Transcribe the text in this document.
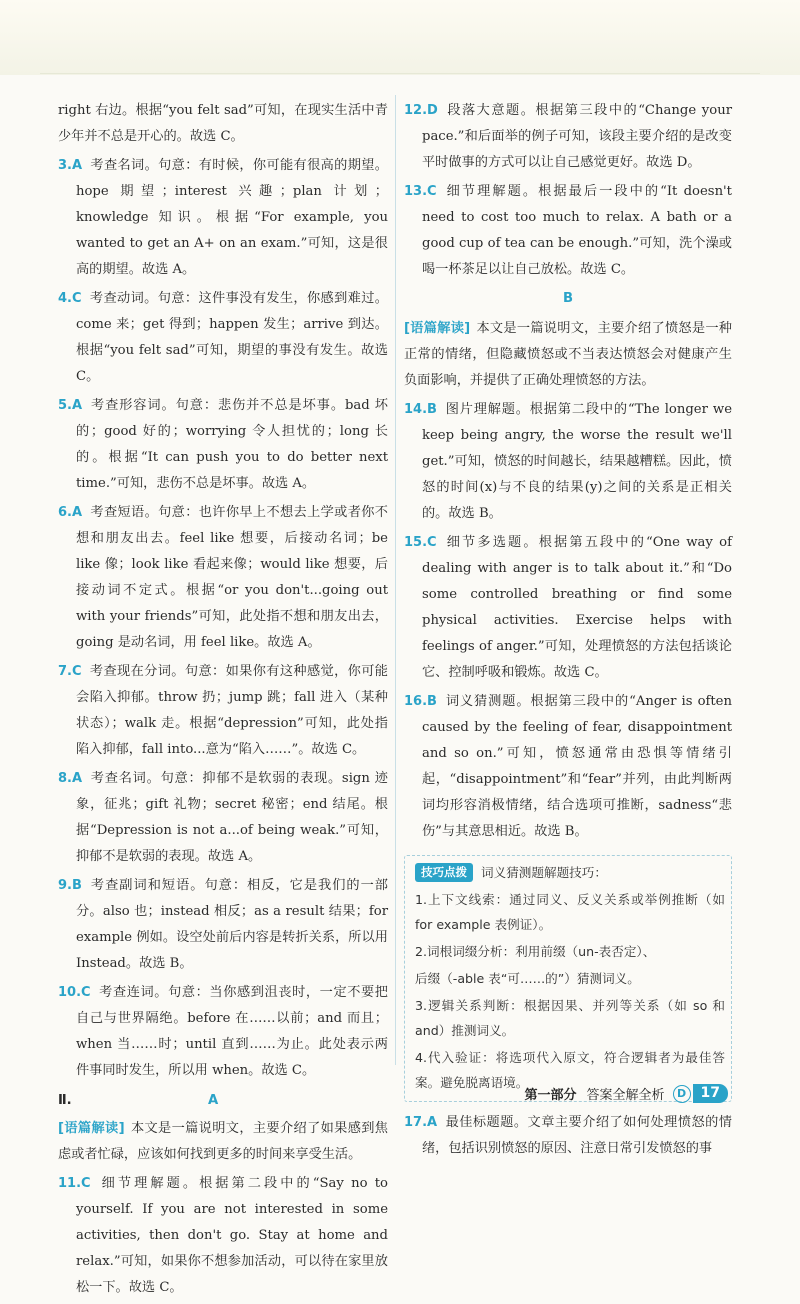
right 右边。根据“you felt sad”可知，在现实生活中青少年并不总是开心的。故选 C。

3.A 考查名词。句意：有时候，你可能有很高的期望。hope 期望；interest 兴趣；plan 计划；knowledge 知识。根据“For example, you wanted to get an A+ on an exam.”可知，这是很高的期望。故选 A。

4.C 考查动词。句意：这件事没有发生，你感到难过。come 来；get 得到；happen 发生；arrive 到达。根据“you felt sad”可知，期望的事没有发生。故选 C。

5.A 考查形容词。句意：悲伤并不总是坏事。bad 坏的；good 好的；worrying 令人担忧的；long 长的。根据“It can push you to do better next time.”可知，悲伤不总是坏事。故选 A。

6.A 考查短语。句意：也许你早上不想去上学或者你不想和朋友出去。feel like 想要，后接动名词；be like 像；look like 看起来像；would like 想要，后接动词不定式。根据“or you don't...going out with your friends”可知，此处指不想和朋友出去，going 是动名词，用 feel like。故选 A。

7.C 考查现在分词。句意：如果你有这种感觉，你可能会陷入抑郁。throw 扔；jump 跳；fall 进入（某种状态）；walk 走。根据“depression”可知，此处指陷入抑郁，fall into...意为“陷入……”。故选 C。

8.A 考查名词。句意：抑郁不是软弱的表现。sign 迹象，征兆；gift 礼物；secret 秘密；end 结尾。根据“Depression is not a...of being weak.”可知，抑郁不是软弱的表现。故选 A。

9.B 考查副词和短语。句意：相反，它是我们的一部分。also 也；instead 相反；as a result 结果；for example 例如。设空处前后内容是转折关系，所以用 Instead。故选 B。

10.C 考查连词。句意：当你感到沮丧时，一定不要把自己与世界隔绝。before 在……以前；and 而且；when 当……时；until 直到……为止。此处表示两件事同时发生，所以用 when。故选 C。

Ⅱ.	A

[语篇解读] 本文是一篇说明文，主要介绍了如果感到焦虑或者忙碌，应该如何找到更多的时间来享受生活。

11.C 细节理解题。根据第二段中的“Say no to yourself. If you are not interested in some activities, then don't go. Stay at home and relax.”可知，如果你不想参加活动，可以待在家里放松一下。故选 C。

12.D 段落大意题。根据第三段中的“Change your pace.”和后面举的例子可知，该段主要介绍的是改变平时做事的方式可以让自己感觉更好。故选 D。

13.C 细节理解题。根据最后一段中的“It doesn't need to cost too much to relax. A bath or a good cup of tea can be enough.”可知，洗个澡或喝一杯茶足以让自己放松。故选 C。

B

[语篇解读] 本文是一篇说明文，主要介绍了愤怒是一种正常的情绪，但隐藏愤怒或不当表达愤怒会对健康产生负面影响，并提供了正确处理愤怒的方法。

14.B 图片理解题。根据第二段中的“The longer we keep being angry, the worse the result we'll get.”可知，愤怒的时间越长，结果越糟糕。因此，愤怒的时间(x)与不良的结果(y)之间的关系是正相关的。故选 B。

15.C 细节多选题。根据第五段中的“One way of dealing with anger is to talk about it.”和“Do some controlled breathing or find some physical activities. Exercise helps with feelings of anger.”可知，处理愤怒的方法包括谈论它、控制呼吸和锻炼。故选 C。

16.B 词义猜测题。根据第三段中的“Anger is often caused by the feeling of fear, disappointment and so on.”可知，愤怒通常由恐惧等情绪引起，“disappointment”和“fear”并列，由此判断两词均形容消极情绪，结合选项可推断，sadness“悲伤”与其意思相近。故选 B。

技巧点拨	词义猜测题解题技巧：

1.上下文线索：通过同义、反义关系或举例推断（如 for example 表例证）。

2.词根词缀分析：利用前缀（un-表否定）、

后缀（-able 表“可……的”）猜测词义。

3.逻辑关系判断：根据因果、并列等关系（如 so 和 and）推测词义。

4.代入验证：将选项代入原文，符合逻辑者为最佳答案。避免脱离语境。

17.A 最佳标题题。文章主要介绍了如何处理愤怒的情绪，包括识别愤怒的原因、注意日常引发愤怒的事

第一部分 答案全解全析	D	17
